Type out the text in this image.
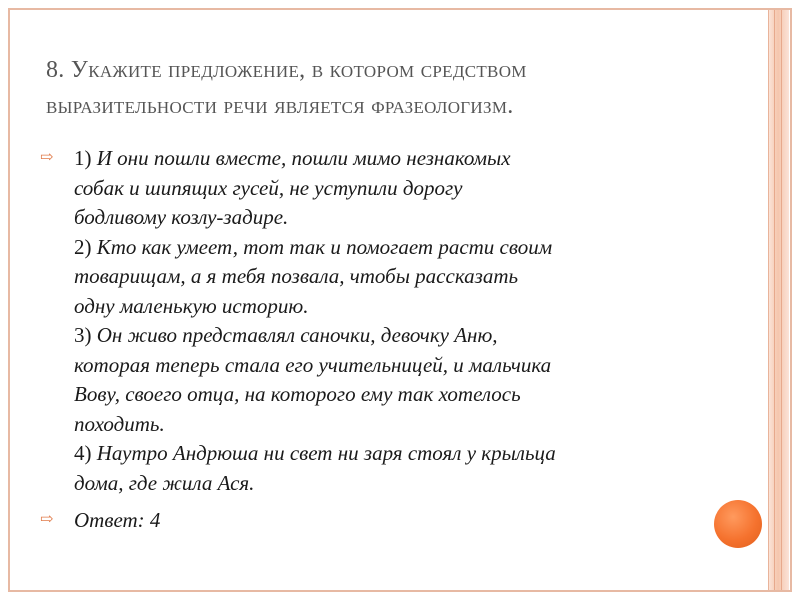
8. Укажите предложение, в котором средством
выразительности речи является фразеологизм.
⇨ 1) И они пошли вместе, пошли мимо незнакомых
собак и шипящих гусей, не уступили дорогу
бодливому козлу-задире.
2) Кто как умеет, тот так и помогает расти своим
товарищам, а я тебя позвала, чтобы рассказать
одну маленькую историю.
3) Он живо представлял саночки, девочку Аню,
которая теперь стала его учительницей, и мальчика
Вову, своего отца, на которого ему так хотелось
походить.
4) Наутро Андрюша ни свет ни заря стоял у крыльца
дома, где жила Ася.
⇨ Ответ: 4
